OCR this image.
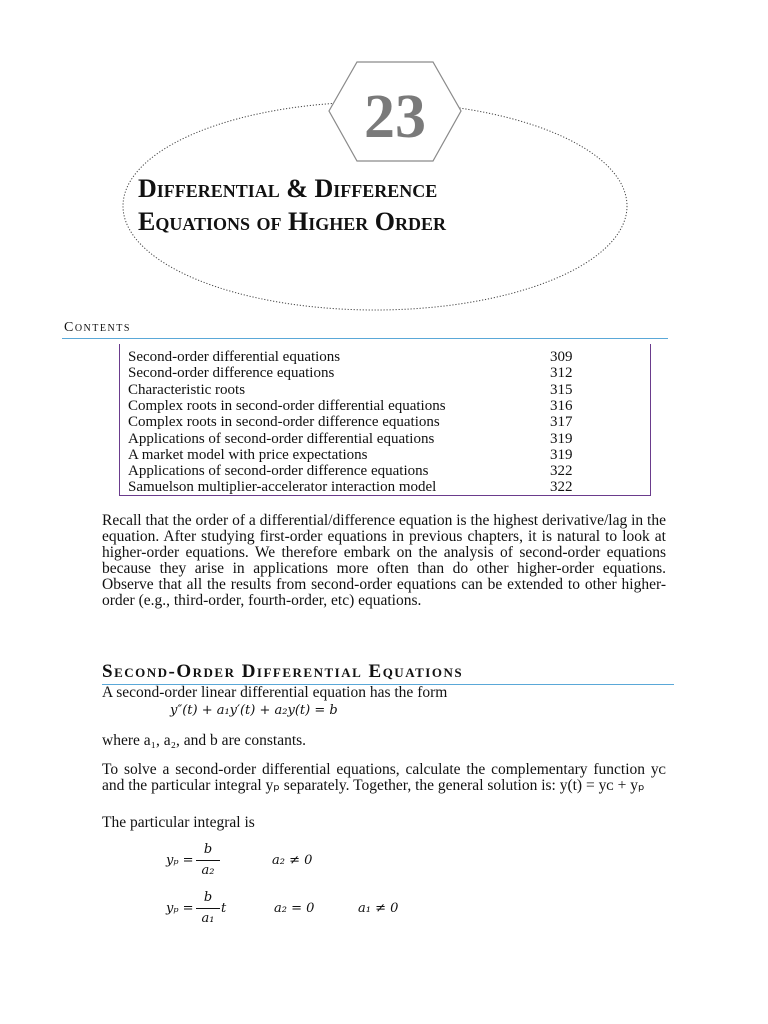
23
Differential & Difference
Equations of Higher Order
Contents
Second-order differential equations	309
Second-order difference equations	312
Characteristic roots	315
Complex roots in second-order differential equations	316
Complex roots in second-order difference equations	317
Applications of second-order differential equations	319
A market model with price expectations	319
Applications of second-order difference equations	322
Samuelson multiplier-accelerator interaction model	322
Recall that the order of a differential/difference equation is the highest derivative/lag in the equation. After studying first-order equations in previous chapters, it is natural to look at higher-order equations. We therefore embark on the analysis of second-order equations because they arise in applications more often than do other higher-order equations. Observe that all the results from second-order equations can be extended to other higher-order (e.g., third-order, fourth-order, etc) equations.
Second-Order Differential Equations
A second-order linear differential equation has the form
y″(t) + a₁y′(t) + a₂y(t) = b
where a₁, a₂, and b are constants.
To solve a second-order differential equations, calculate the complementary function yᴄ and the particular integral yₚ separately. Together, the general solution is: y(t) = yᴄ + yₚ
The particular integral is
yₚ =
b
a₂
a₂ ≠ 0
yₚ =
b
a₁
t	a₂ = 0	a₁ ≠ 0
